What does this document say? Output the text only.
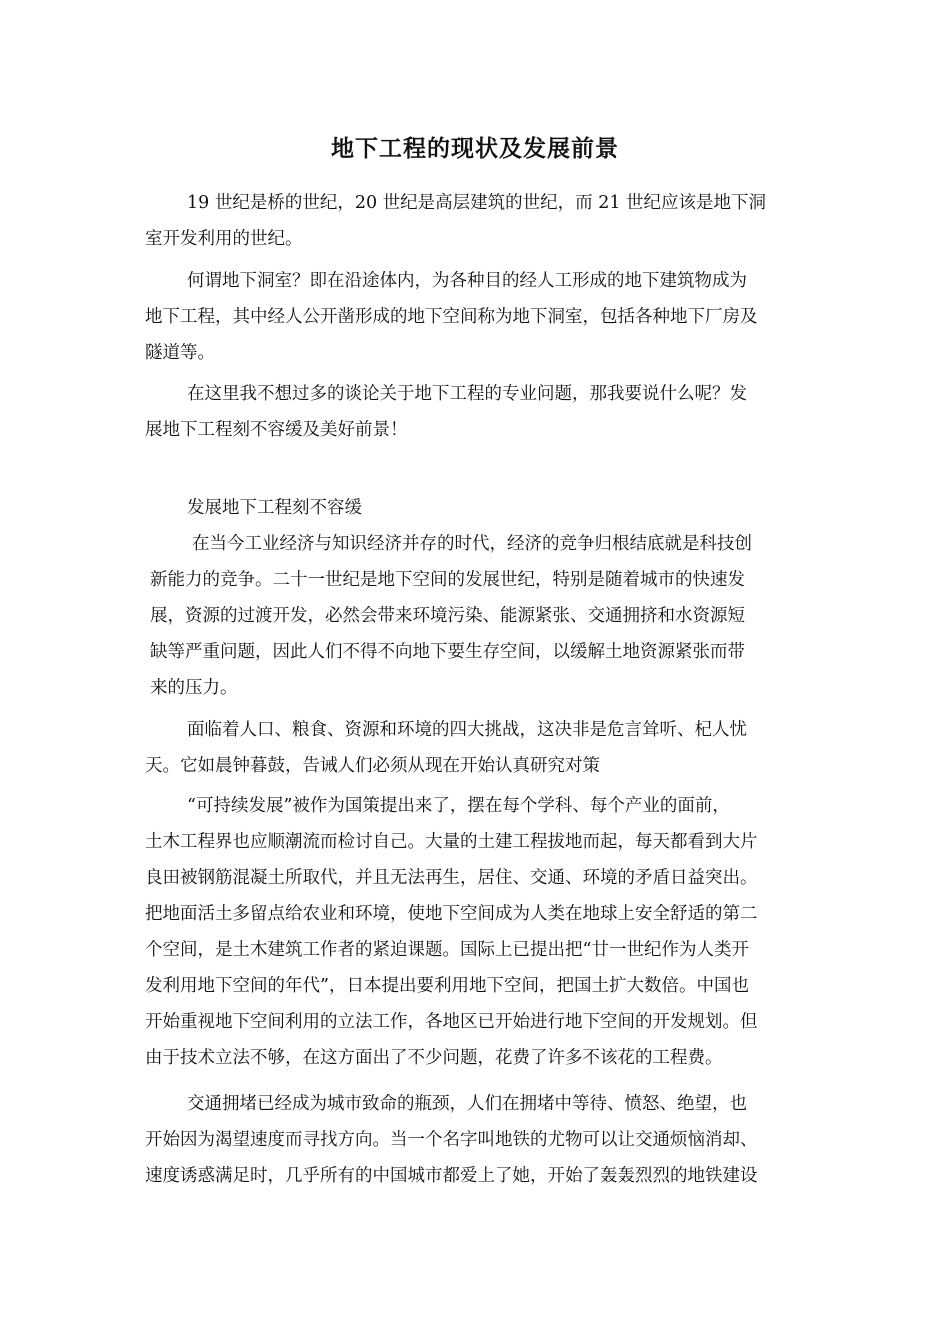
地下工程的现状及发展前景

19 世纪是桥的世纪，20 世纪是高层建筑的世纪，而 21 世纪应该是地下洞
室开发利用的世纪。

何谓地下洞室？即在沿途体内，为各种目的经人工形成的地下建筑物成为
地下工程，其中经人公开凿形成的地下空间称为地下洞室，包括各种地下厂房及
隧道等。

在这里我不想过多的谈论关于地下工程的专业问题，那我要说什么呢？发
展地下工程刻不容缓及美好前景！

发展地下工程刻不容缓

在当今工业经济与知识经济并存的时代，经济的竞争归根结底就是科技创
新能力的竞争。二十一世纪是地下空间的发展世纪，特别是随着城市的快速发
展，资源的过渡开发，必然会带来环境污染、能源紧张、交通拥挤和水资源短
缺等严重问题，因此人们不得不向地下要生存空间，以缓解土地资源紧张而带
来的压力。

面临着人口、粮食、资源和环境的四大挑战，这决非是危言耸听、杞人忧
天。它如晨钟暮鼓，告诫人们必须从现在开始认真研究对策

“可持续发展”被作为国策提出来了，摆在每个学科、每个产业的面前，
土木工程界也应顺潮流而检讨自己。大量的土建工程拔地而起，每天都看到大片
良田被钢筋混凝土所取代，并且无法再生，居住、交通、环境的矛盾日益突出。
把地面活土多留点给农业和环境，使地下空间成为人类在地球上安全舒适的第二
个空间，是土木建筑工作者的紧迫课题。国际上已提出把“廿一世纪作为人类开
发利用地下空间的年代”，日本提出要利用地下空间，把国土扩大数倍。中国也
开始重视地下空间利用的立法工作，各地区已开始进行地下空间的开发规划。但
由于技术立法不够，在这方面出了不少问题，花费了许多不该花的工程费。

交通拥堵已经成为城市致命的瓶颈，人们在拥堵中等待、愤怒、绝望，也
开始因为渴望速度而寻找方向。当一个名字叫地铁的尤物可以让交通烦恼消却、
速度诱惑满足时，几乎所有的中国城市都爱上了她，开始了轰轰烈烈的地铁建设
